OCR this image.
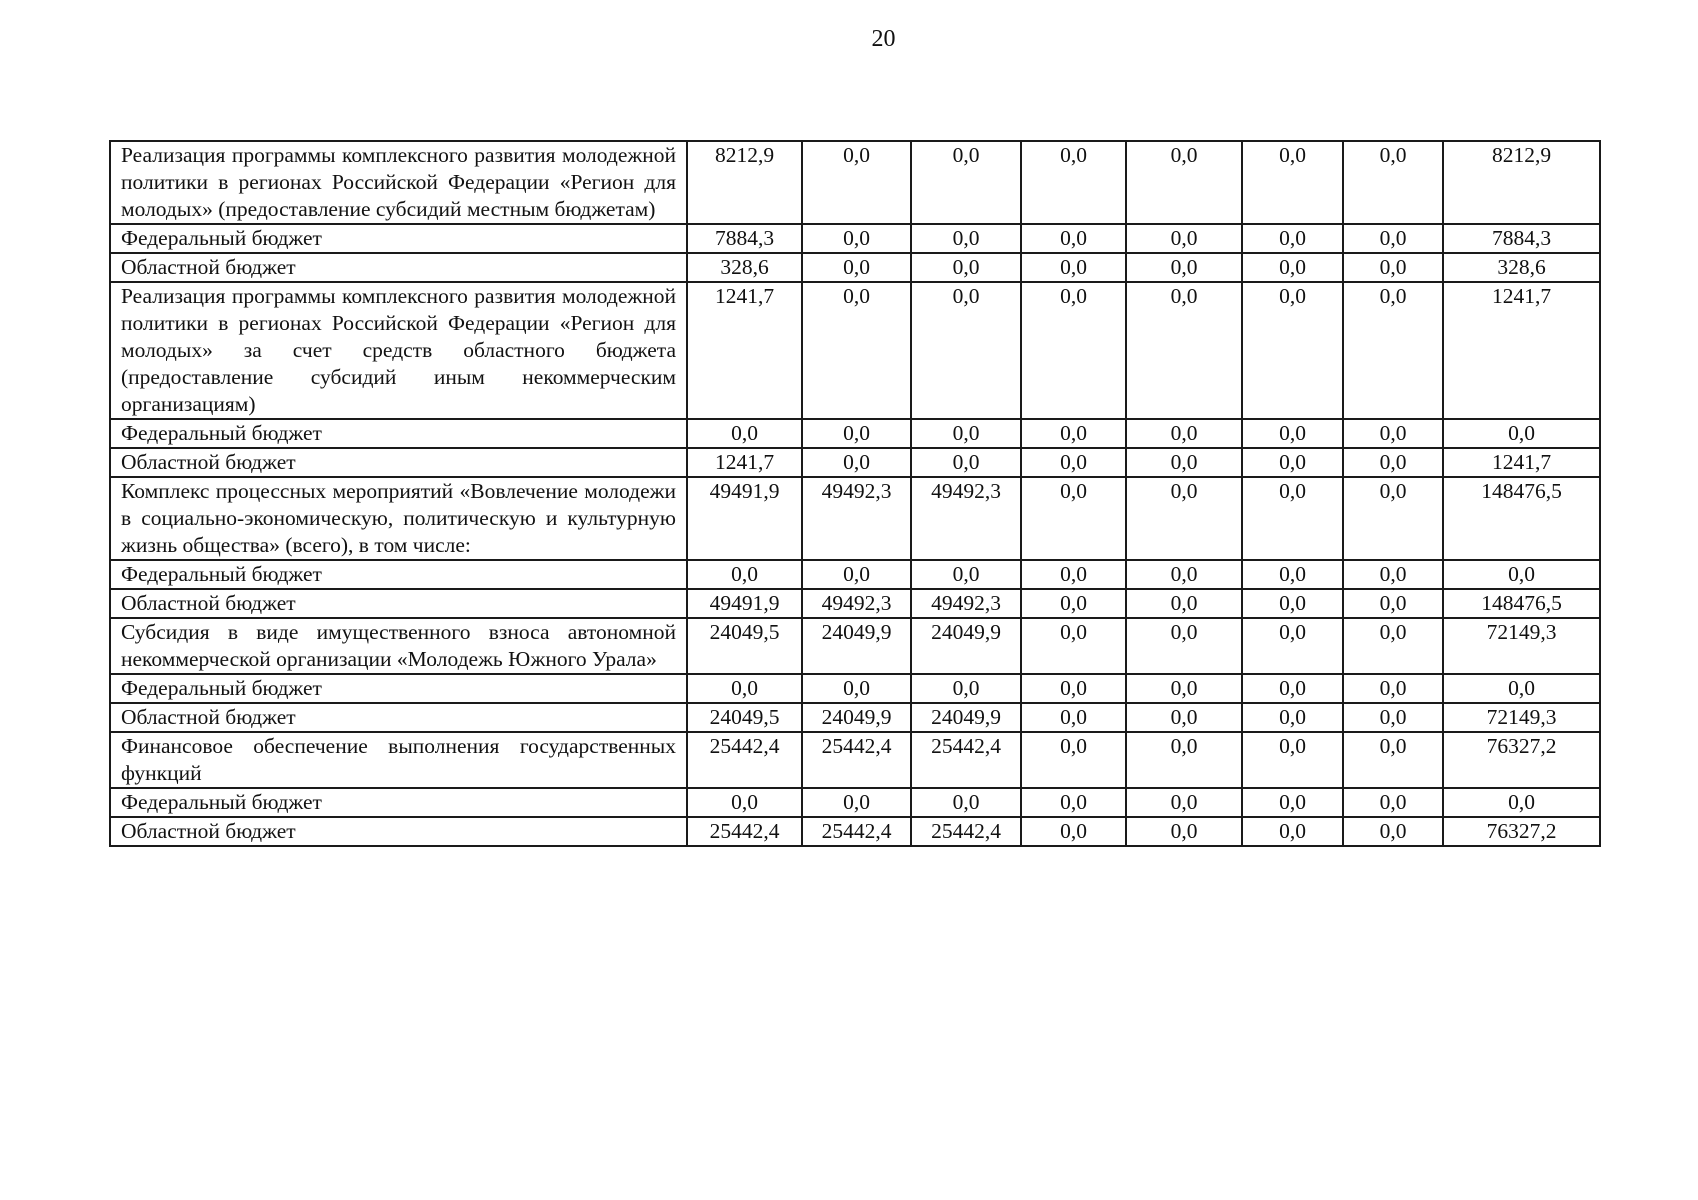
20
Реализация программы комплексного развития молодежной политики в регионах Российской Федерации «Регион для молодых» (предоставление субсидий местным бюджетам)	8212,9	0,0	0,0	0,0	0,0	0,0	0,0	8212,9
Федеральный бюджет	7884,3	0,0	0,0	0,0	0,0	0,0	0,0	7884,3
Областной бюджет	328,6	0,0	0,0	0,0	0,0	0,0	0,0	328,6
Реализация программы комплексного развития молодежной политики в регионах Российской Федерации «Регион для молодых» за счет средств областного бюджета (предоставление субсидий иным некоммерческим организациям)	1241,7	0,0	0,0	0,0	0,0	0,0	0,0	1241,7
Федеральный бюджет	0,0	0,0	0,0	0,0	0,0	0,0	0,0	0,0
Областной бюджет	1241,7	0,0	0,0	0,0	0,0	0,0	0,0	1241,7
Комплекс процессных мероприятий «Вовлечение молодежи в социально-экономическую, политическую и культурную жизнь общества» (всего), в том числе:	49491,9	49492,3	49492,3	0,0	0,0	0,0	0,0	148476,5
Федеральный бюджет	0,0	0,0	0,0	0,0	0,0	0,0	0,0	0,0
Областной бюджет	49491,9	49492,3	49492,3	0,0	0,0	0,0	0,0	148476,5
Субсидия в виде имущественного взноса автономной некоммерческой организации «Молодежь Южного Урала»	24049,5	24049,9	24049,9	0,0	0,0	0,0	0,0	72149,3
Федеральный бюджет	0,0	0,0	0,0	0,0	0,0	0,0	0,0	0,0
Областной бюджет	24049,5	24049,9	24049,9	0,0	0,0	0,0	0,0	72149,3
Финансовое обеспечение выполнения государственных функций	25442,4	25442,4	25442,4	0,0	0,0	0,0	0,0	76327,2
Федеральный бюджет	0,0	0,0	0,0	0,0	0,0	0,0	0,0	0,0
Областной бюджет	25442,4	25442,4	25442,4	0,0	0,0	0,0	0,0	76327,2
